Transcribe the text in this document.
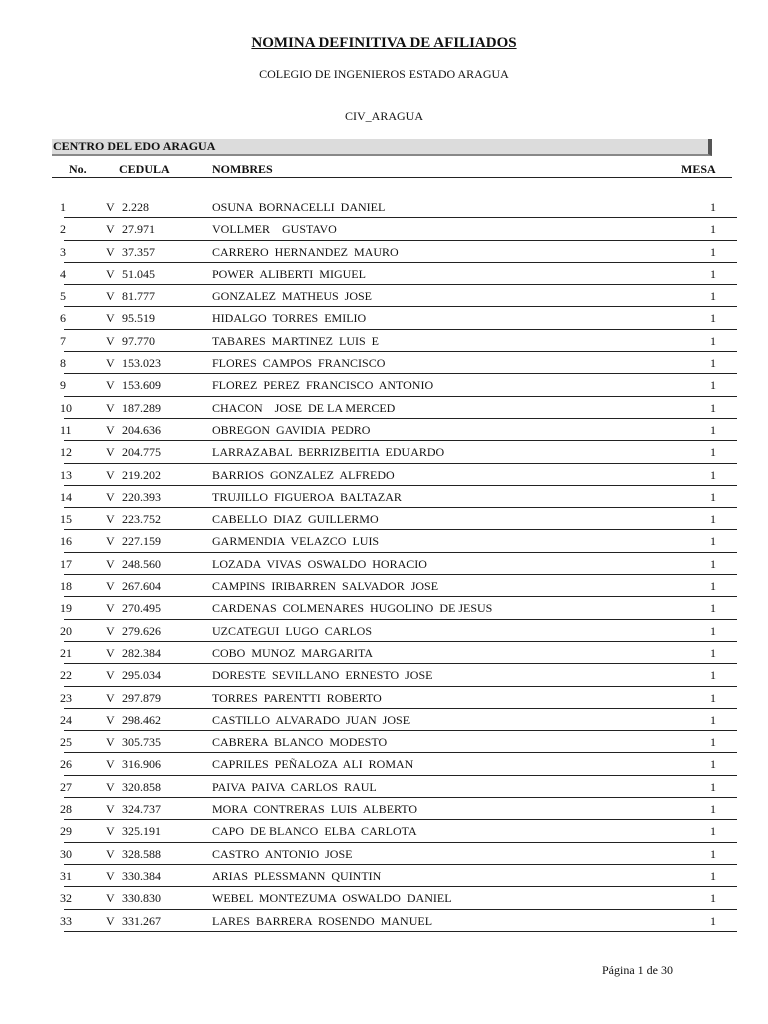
NOMINA DEFINITIVA DE AFILIADOS
COLEGIO DE INGENIEROS ESTADO ARAGUA
CIV_ARAGUA
CENTRO DEL EDO ARAGUA
No.	CEDULA	NOMBRES	MESA
1	V 2.228	OSUNA  BORNACELLI  DANIEL	1
2	V 27.971	VOLLMER    GUSTAVO	1
3	V 37.357	CARRERO  HERNANDEZ  MAURO	1
4	V 51.045	POWER  ALIBERTI  MIGUEL	1
5	V 81.777	GONZALEZ  MATHEUS  JOSE	1
6	V 95.519	HIDALGO  TORRES  EMILIO	1
7	V 97.770	TABARES  MARTINEZ  LUIS  E	1
8	V 153.023	FLORES  CAMPOS  FRANCISCO	1
9	V 153.609	FLOREZ  PEREZ  FRANCISCO  ANTONIO	1
10	V 187.289	CHACON    JOSE  DE LA MERCED	1
11	V 204.636	OBREGON  GAVIDIA  PEDRO	1
12	V 204.775	LARRAZABAL  BERRIZBEITIA  EDUARDO	1
13	V 219.202	BARRIOS  GONZALEZ  ALFREDO	1
14	V 220.393	TRUJILLO  FIGUEROA  BALTAZAR	1
15	V 223.752	CABELLO  DIAZ  GUILLERMO	1
16	V 227.159	GARMENDIA  VELAZCO  LUIS	1
17	V 248.560	LOZADA  VIVAS  OSWALDO  HORACIO	1
18	V 267.604	CAMPINS  IRIBARREN  SALVADOR  JOSE	1
19	V 270.495	CARDENAS  COLMENARES  HUGOLINO  DE JESUS	1
20	V 279.626	UZCATEGUI  LUGO  CARLOS	1
21	V 282.384	COBO  MUNOZ  MARGARITA	1
22	V 295.034	DORESTE  SEVILLANO  ERNESTO  JOSE	1
23	V 297.879	TORRES  PARENTTI  ROBERTO	1
24	V 298.462	CASTILLO  ALVARADO  JUAN  JOSE	1
25	V 305.735	CABRERA  BLANCO  MODESTO	1
26	V 316.906	CAPRILES  PEÑALOZA  ALI  ROMAN	1
27	V 320.858	PAIVA  PAIVA  CARLOS  RAUL	1
28	V 324.737	MORA  CONTRERAS  LUIS  ALBERTO	1
29	V 325.191	CAPO  DE BLANCO  ELBA  CARLOTA	1
30	V 328.588	CASTRO  ANTONIO  JOSE	1
31	V 330.384	ARIAS  PLESSMANN  QUINTIN	1
32	V 330.830	WEBEL  MONTEZUMA  OSWALDO  DANIEL	1
33	V 331.267	LARES  BARRERA  ROSENDO  MANUEL	1
Página 1 de 30
